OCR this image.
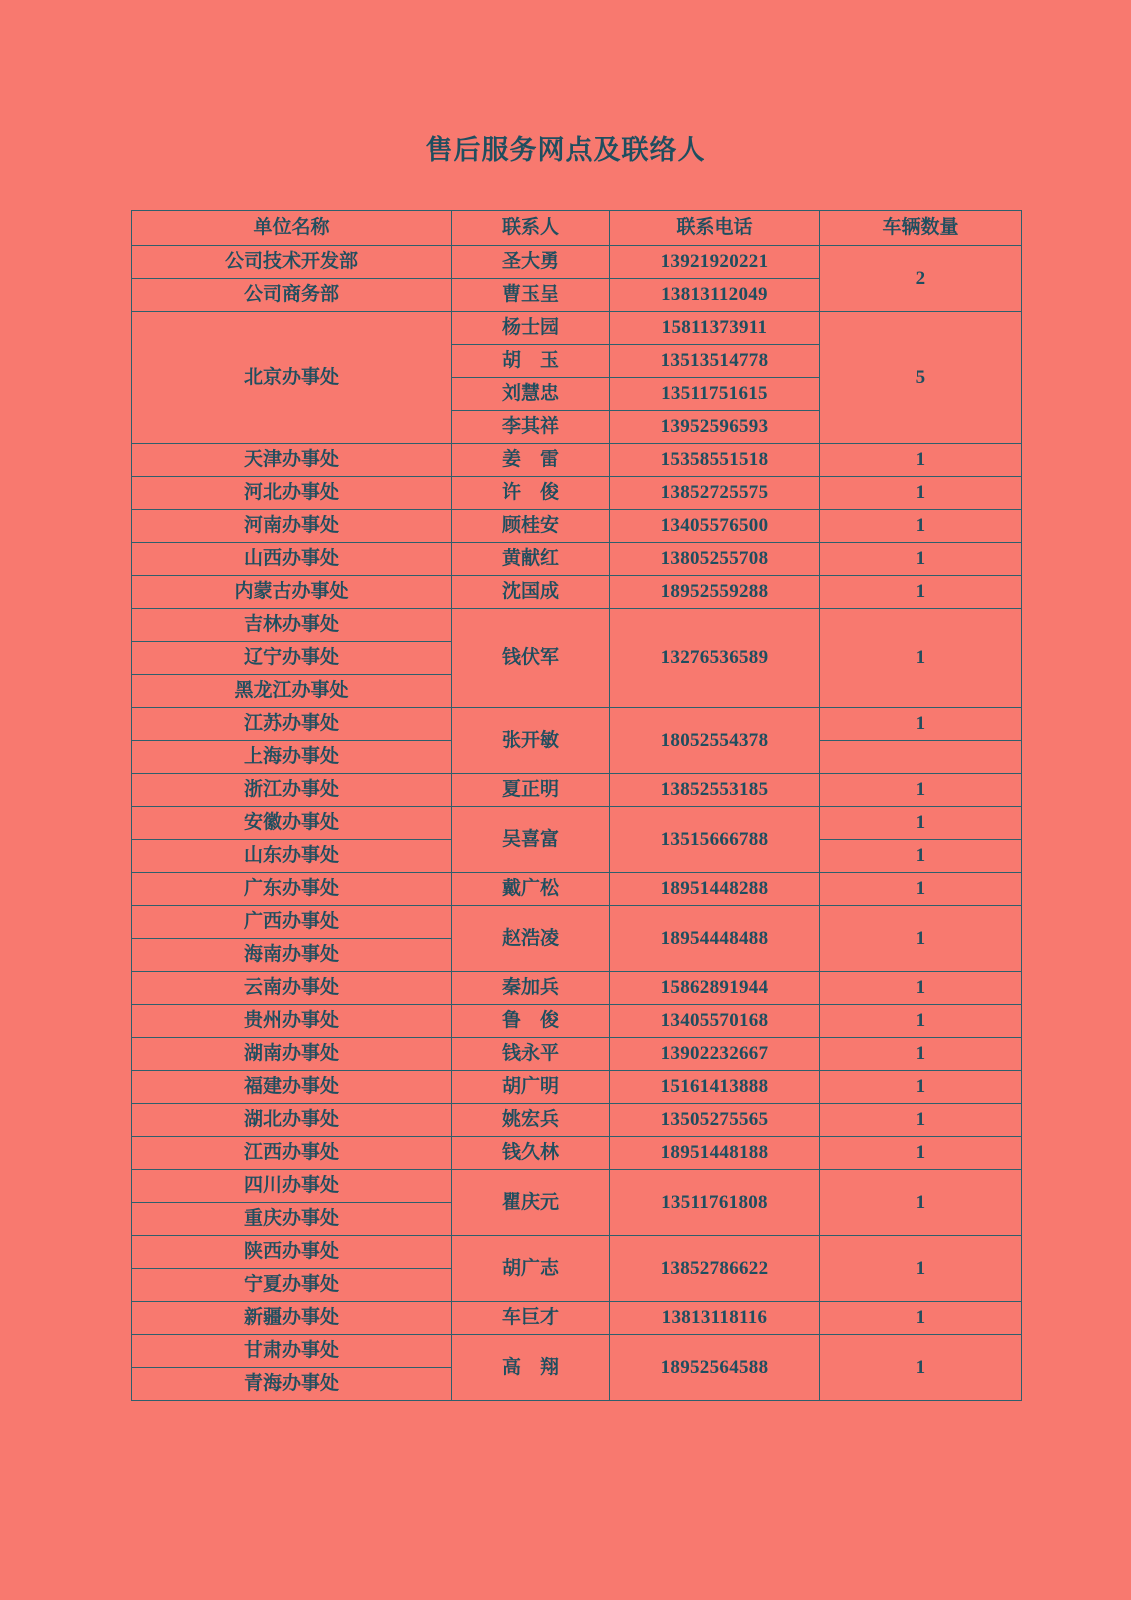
售后服务网点及联络人
单位名称	联系人	联系电话	车辆数量
公司技术开发部	圣大勇	13921920221	2
公司商务部	曹玉呈	13813112049	
北京办事处	杨士园	15811373911	5
	胡　玉	13513514778	
	刘慧忠	13511751615	
	李其祥	13952596593	
天津办事处	姜　雷	15358551518	1
河北办事处	许　俊	13852725575	1
河南办事处	顾桂安	13405576500	1
山西办事处	黄献红	13805255708	1
内蒙古办事处	沈国成	18952559288	1
吉林办事处	钱伏军	13276536589	1
辽宁办事处			
黑龙江办事处			
江苏办事处	张开敏	18052554378	1
上海办事处			
浙江办事处	夏正明	13852553185	1
安徽办事处	吴喜富	13515666788	1
山东办事处			1
广东办事处	戴广松	18951448288	1
广西办事处	赵浩凌	18954448488	1
海南办事处			
云南办事处	秦加兵	15862891944	1
贵州办事处	鲁　俊	13405570168	1
湖南办事处	钱永平	13902232667	1
福建办事处	胡广明	15161413888	1
湖北办事处	姚宏兵	13505275565	1
江西办事处	钱久林	18951448188	1
四川办事处	瞿庆元	13511761808	1
重庆办事处			
陕西办事处	胡广志	13852786622	1
宁夏办事处			
新疆办事处	车巨才	13813118116	1
甘肃办事处	高　翔	18952564588	1
青海办事处			
